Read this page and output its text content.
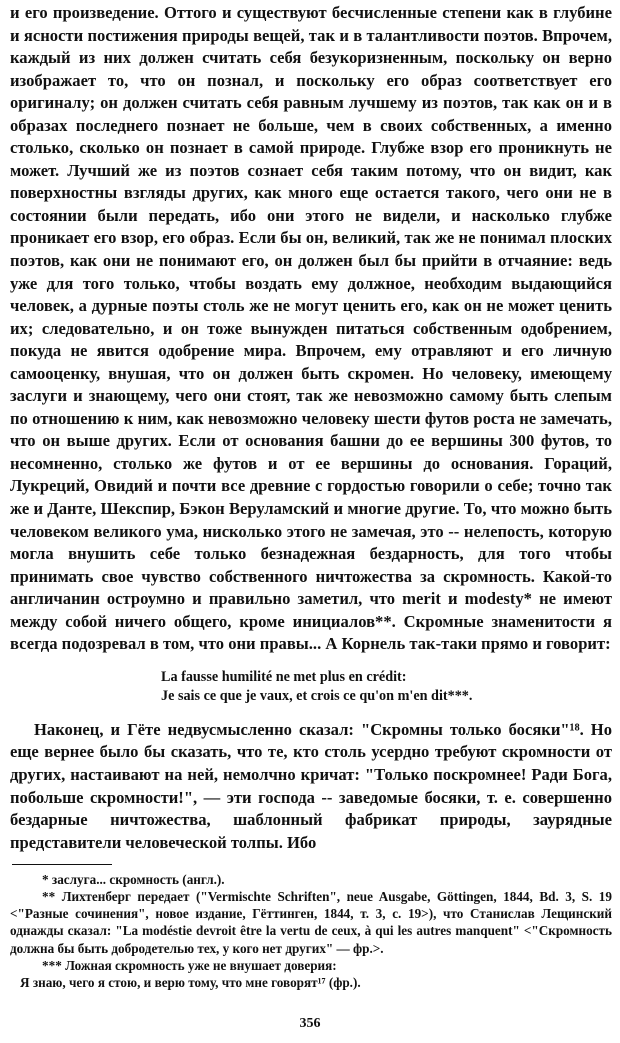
и его произведение. Оттого и существуют бесчисленные степени как в глубине и ясности постижения природы вещей, так и в талантливости поэтов. Впрочем, каждый из них должен считать себя безукоризненным, поскольку он верно изображает то, что он познал, и поскольку его образ соответствует его оригиналу; он должен считать себя равным лучшему из поэтов, так как он и в образах последнего познает не больше, чем в своих собственных, а именно столько, сколько он познает в самой природе. Глубже взор его проникнуть не может. Лучший же из поэтов сознает себя таким потому, что он видит, как поверхностны взгляды других, как много еще остается такого, чего они не в состоянии были передать, ибо они этого не видели, и насколько глубже проникает его взор, его образ. Если бы он, великий, так же не понимал плоских поэтов, как они не понимают его, он должен был бы прийти в отчаяние: ведь уже для того только, чтобы воздать ему должное, необходим выдающийся человек, а дурные поэты столь же не могут ценить его, как он не может ценить их; следовательно, и он тоже вынужден питаться собственным одобрением, покуда не явится одобрение мира. Впрочем, ему отравляют и его личную самооценку, внушая, что он должен быть скромен. Но человеку, имеющему заслуги и знающему, чего они стоят, так же невозможно самому быть слепым по отношению к ним, как невозможно человеку шести футов роста не замечать, что он выше других. Если от основания башни до ее вершины 300 футов, то несомненно, столько же футов и от ее вершины до основания. Гораций, Лукреций, Овидий и почти все древние с гордостью говорили о себе; точно так же и Данте, Шекспир, Бэкон Веруламский и многие другие. То, что можно быть человеком великого ума, нисколько этого не замечая, это -- нелепость, которую могла внушить себе только безнадежная бездарность, для того чтобы принимать свое чувство собственного ничтожества за скромность. Какой-то англичанин остроумно и правильно заметил, что merit и modesty* не имеют между собой ничего общего, кроме инициалов**. Скромные знаменитости я всегда подозревал в том, что они правы... А Корнель так-таки прямо и говорит:

La fausse humilité ne met plus en crédit:
Je sais ce que je vaux, et crois ce qu'on m'en dit***.

Наконец, и Гёте недвусмысленно сказал: "Скромны только босяки"¹⁸. Но еще вернее было бы сказать, что те, кто столь усердно требуют скромности от других, настаивают на ней, немолчно кричат: "Только поскромнее! Ради Бога, побольше скромности!", — эти господа -- заведомые босяки, т. е. совершенно бездарные ничтожества, шаблонный фабрикат природы, заурядные представители человеческой толпы. Ибо

* заслуга... скромность (англ.).

** Лихтенберг передает ("Vermischte Schriften", neue Ausgabe, Göttingen, 1844, Bd. 3, S. 19 <"Разные сочинения", новое издание, Гёттинген, 1844, т. 3, с. 19>), что Станислав Лещинский однажды сказал: "La modéstie devroit être la vertu de ceux, à qui les autres manquent" <"Скромность должна бы быть добродетелью тех, у кого нет других" — фр.>.

*** Ложная скромность уже не внушает доверия:

Я знаю, чего я стою, и верю тому, что мне говорят¹⁷ (фр.).

356
